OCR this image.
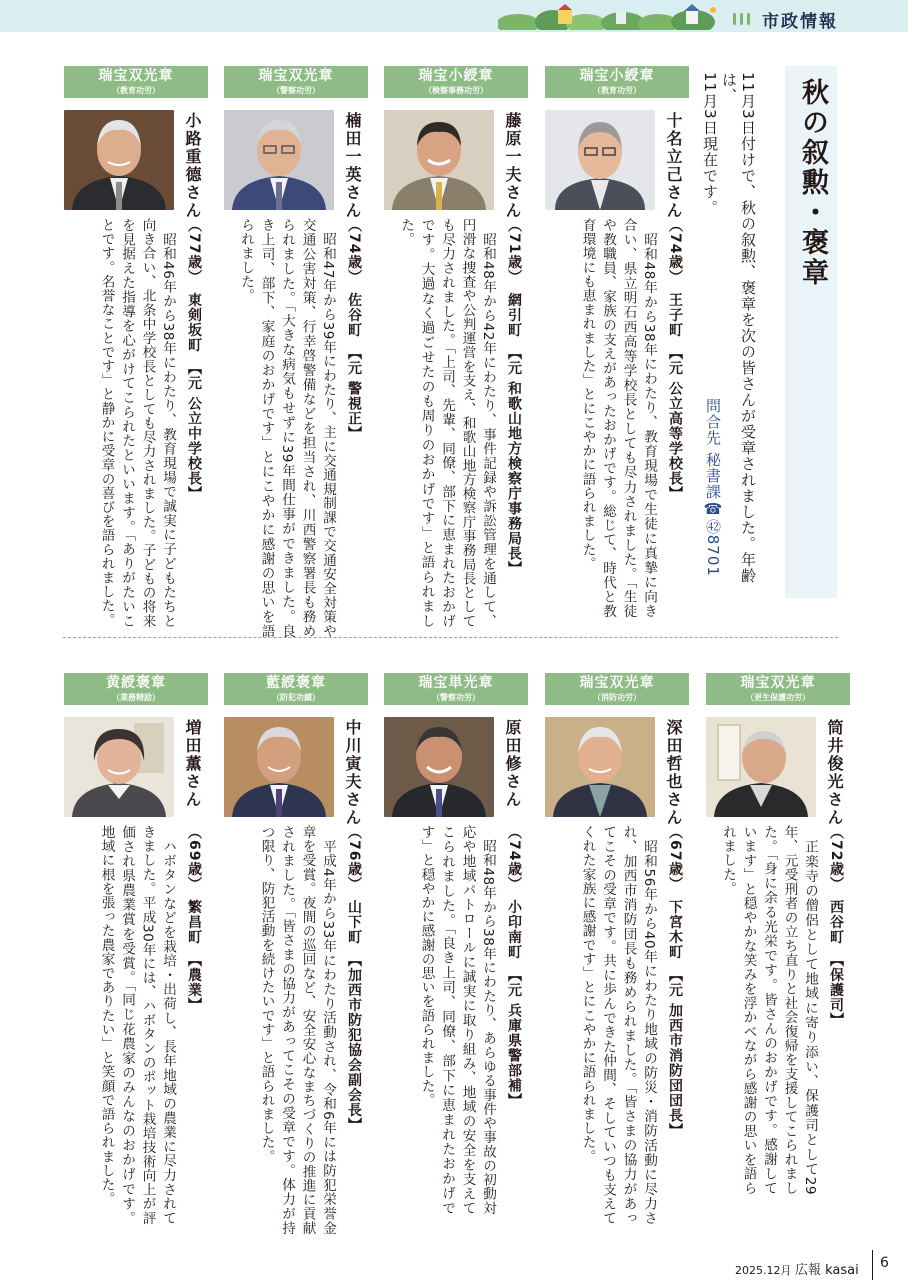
市政情報
秋の叙勲・褒章
11月3日付けで、秋の叙勲、褒章を次の皆さんが受章されました。年齢は、
11月3日現在です。
問合先 秘書課☎㊷8701
瑞宝小綬章
（教育功労）
十名立己さん
（74歳）　王子町　【元 公立高等学校長】
　昭和48年から38年にわたり、教育現場で生徒に真摯に向き合い、県立明石西高等学校長としても尽力されました。「生徒や教職員、家族の支えがあったおかげです。総じて、時代と教育環境にも恵まれました」とにこやかに語られました。
瑞宝小綬章
（検察事務功労）
藤原一夫さん
（71歳）　網引町　【元 和歌山地方検察庁事務局長】
　昭和48年から42年にわたり、事件記録や訴訟管理を通して、円滑な捜査や公判運営を支え、和歌山地方検察庁事務局長としても尽力されました。「上司、先輩、同僚、部下に恵まれたおかげです。大過なく過ごせたのも周りのおかげです」と語られました。
瑞宝双光章
（警察功労）
楠田一英さん
（74歳）　佐谷町　【元 警視正】
　昭和47年から39年にわたり、主に交通規制課で交通安全対策や交通公害対策、行幸啓警備などを担当され、川西警察署長も務められました。「大きな病気もせずに39年間仕事ができました。良き上司、部下、家庭のおかげです」とにこやかに感謝の思いを語られました。
瑞宝双光章
（教育功労）
小路重德さん
（77歳）　東剣坂町　【元 公立中学校長】
　昭和46年から38年にわたり、教育現場で誠実に子どもたちと向き合い、北条中学校長としても尽力されました。子どもの将来を見据えた指導を心がけてこられたといいます。「ありがたいことです。名誉なことです」と静かに受章の喜びを語られました。
瑞宝双光章
（更生保護功労）
筒井俊光さん
（72歳）　西谷町　【保護司】
　正楽寺の僧侶として地域に寄り添い、保護司として29年、元受刑者の立ち直りと社会復帰を支援してこられました。「身に余る光栄です。皆さんのおかげです。感謝しています」と穏やかな笑みを浮かべながら感謝の思いを語られました。
瑞宝双光章
（消防功労）
深田哲也さん
（67歳）　下宮木町　【元 加西市消防団団長】
　昭和56年から40年にわたり地域の防災・消防活動に尽力され、加西市消防団長も務められました。「皆さまの協力があってこその受章です。共に歩んできた仲間、そしていつも支えてくれた家族に感謝です」とにこやかに語られました。
瑞宝単光章
（警察功労）
原田修さん
（74歳）　小印南町　【元 兵庫県警部補】
　昭和48年から38年にわたり、あらゆる事件や事故の初動対応や地域パトロールに誠実に取り組み、地域の安全を支えてこられました。「良き上司、同僚、部下に恵まれたおかげです」と穏やかに感謝の思いを語られました。
藍綬褒章
（防犯功績）
中川寅夫さん
（76歳）　山下町　【加西市防犯協会副会長】
　平成4年から33年にわたり活動され、令和6年には防犯栄誉金章を受賞。夜間の巡回など、安全安心なまちづくりの推進に貢献されました。「皆さまの協力があってこその受章です。体力が持つ限り、防犯活動を続けたいです」と語られました。
黄綬褒章
（業務精励）
増田薫さん
（69歳）　繁昌町　【農業】
　ハボタンなどを栽培・出荷し、長年地域の農業に尽力されてきました。平成30年には、ハボタンのポット栽培技術向上が評価され県農業賞を受賞。「同じ花農家のみんなのおかげです。地域に根を張った農家でありたい」と笑顔で語られました。
2025.12月 広報 kasai 6
